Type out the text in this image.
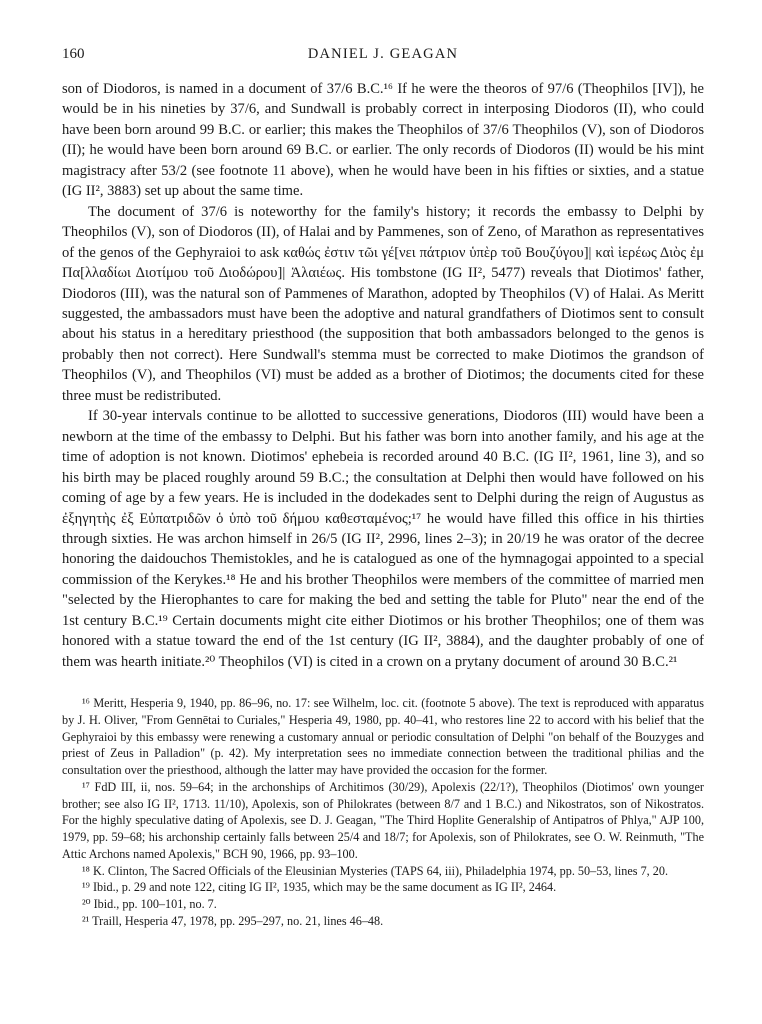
160	DANIEL J. GEAGAN

son of Diodoros, is named in a document of 37/6 B.C.¹⁶ If he were the theoros of 97/6 (Theophilos [IV]), he would be in his nineties by 37/6, and Sundwall is probably correct in interposing Diodoros (II), who could have been born around 99 B.C. or earlier; this makes the Theophilos of 37/6 Theophilos (V), son of Diodoros (II); he would have been born around 69 B.C. or earlier. The only records of Diodoros (II) would be his mint magistracy after 53/2 (see footnote 11 above), when he would have been in his fifties or sixties, and a statue (IG II², 3883) set up about the same time.

The document of 37/6 is noteworthy for the family's history; it records the embassy to Delphi by Theophilos (V), son of Diodoros (II), of Halai and by Pammenes, son of Zeno, of Marathon as representatives of the genos of the Gephyraioi to ask καθώς ἐστιν τῶι γέ[νει πάτριον ὑπὲρ τοῦ Βουζύγου]| καὶ ἱερέως Διὸς ἐμ Πα[λλαδίωι Διοτίμου τοῦ Διοδώρου]| Ἁλαιέως. His tombstone (IG II², 5477) reveals that Diotimos' father, Diodoros (III), was the natural son of Pammenes of Marathon, adopted by Theophilos (V) of Halai. As Meritt suggested, the ambassadors must have been the adoptive and natural grandfathers of Diotimos sent to consult about his status in a hereditary priesthood (the supposition that both ambassadors belonged to the genos is probably then not correct). Here Sundwall's stemma must be corrected to make Diotimos the grandson of Theophilos (V), and Theophilos (VI) must be added as a brother of Diotimos; the documents cited for these three must be redistributed.

If 30-year intervals continue to be allotted to successive generations, Diodoros (III) would have been a newborn at the time of the embassy to Delphi. But his father was born into another family, and his age at the time of adoption is not known. Diotimos' ephebeia is recorded around 40 B.C. (IG II², 1961, line 3), and so his birth may be placed roughly around 59 B.C.; the consultation at Delphi then would have followed on his coming of age by a few years. He is included in the dodekades sent to Delphi during the reign of Augustus as ἐξηγητὴς ἐξ Εὐπατριδῶν ὁ ὑπὸ τοῦ δήμου καθεσταμένος;¹⁷ he would have filled this office in his thirties through sixties. He was archon himself in 26/5 (IG II², 2996, lines 2–3); in 20/19 he was orator of the decree honoring the daidouchos Themistokles, and he is catalogued as one of the hymnagogai appointed to a special commission of the Kerykes.¹⁸ He and his brother Theophilos were members of the committee of married men "selected by the Hierophantes to care for making the bed and setting the table for Pluto" near the end of the 1st century B.C.¹⁹ Certain documents might cite either Diotimos or his brother Theophilos; one of them was honored with a statue toward the end of the 1st century (IG II², 3884), and the daughter probably of one of them was hearth initiate.²⁰ Theophilos (VI) is cited in a crown on a prytany document of around 30 B.C.²¹

¹⁶ Meritt, Hesperia 9, 1940, pp. 86–96, no. 17: see Wilhelm, loc. cit. (footnote 5 above). The text is reproduced with apparatus by J. H. Oliver, "From Gennētai to Curiales," Hesperia 49, 1980, pp. 40–41, who restores line 22 to accord with his belief that the Gephyraioi by this embassy were renewing a customary annual or periodic consultation of Delphi "on behalf of the Bouzyges and priest of Zeus in Palladion" (p. 42). My interpretation sees no immediate connection between the traditional philias and the consultation over the priesthood, although the latter may have provided the occasion for the former.

¹⁷ FdD III, ii, nos. 59–64; in the archonships of Architimos (30/29), Apolexis (22/1?), Theophilos (Diotimos' own younger brother; see also IG II², 1713. 11/10), Apolexis, son of Philokrates (between 8/7 and 1 B.C.) and Nikostratos, son of Nikostratos. For the highly speculative dating of Apolexis, see D. J. Geagan, "The Third Hoplite Generalship of Antipatros of Phlya," AJP 100, 1979, pp. 59–68; his archonship certainly falls between 25/4 and 18/7; for Apolexis, son of Philokrates, see O. W. Reinmuth, "The Attic Archons named Apolexis," BCH 90, 1966, pp. 93–100.

¹⁸ K. Clinton, The Sacred Officials of the Eleusinian Mysteries (TAPS 64, iii), Philadelphia 1974, pp. 50–53, lines 7, 20.

¹⁹ Ibid., p. 29 and note 122, citing IG II², 1935, which may be the same document as IG II², 2464.

²⁰ Ibid., pp. 100–101, no. 7.

²¹ Traill, Hesperia 47, 1978, pp. 295–297, no. 21, lines 46–48.
